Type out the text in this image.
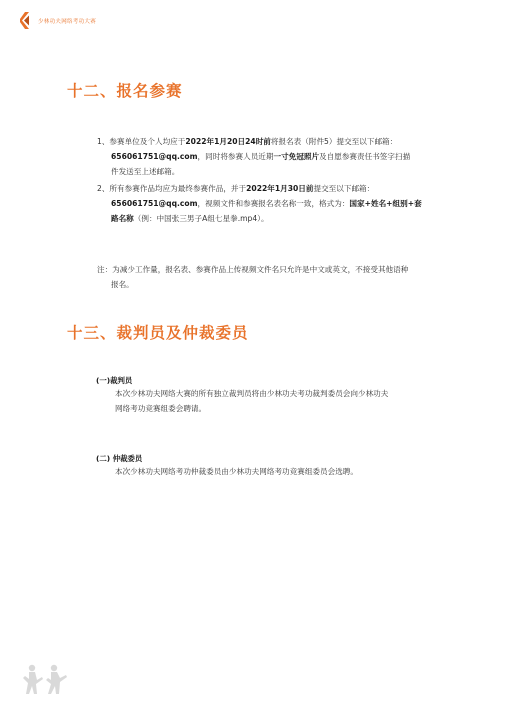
少林功夫网络考功大赛
十二、报名参赛
1、参赛单位及个人均应于2022年1月20日24时前将报名表（附件5）提交至以下邮箱：
656061751@qq.com，同时将参赛人员近期一寸免冠照片及自愿参赛责任书签字扫描
件发送至上述邮箱。
2、所有参赛作品均应为最终参赛作品，并于2022年1月30日前提交至以下邮箱：
656061751@qq.com，视频文件和参赛报名表名称一致，格式为：国家+姓名+组别+套
路名称（例：中国张三男子A组七星拳.mp4）。
注：为减少工作量，报名表、参赛作品上传视频文件名只允许是中文或英文，不接受其他语种
报名。
十三、裁判员及仲裁委员
(一)裁判员
本次少林功夫网络大赛的所有独立裁判员将由少林功夫考功裁判委员会向少林功夫
网络考功竞赛组委会聘请。
(二) 仲裁委员
本次少林功夫网络考功仲裁委员由少林功夫网络考功竞赛组委员会选聘。
